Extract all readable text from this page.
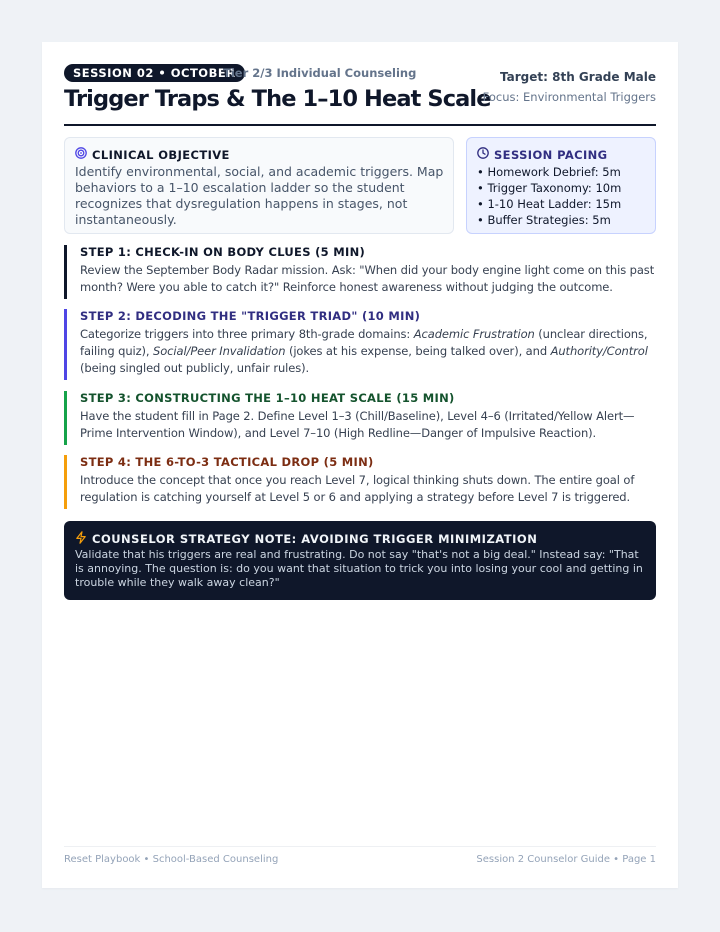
SESSION 02 • OCTOBER
Tier 2/3 Individual Counseling
Trigger Traps & The 1–10 Heat Scale
Target: 8th Grade Male
Focus: Environmental Triggers
CLINICAL OBJECTIVE
Identify environmental, social, and academic triggers. Map behaviors to a 1–10 escalation ladder so the student recognizes that dysregulation happens in stages, not instantaneously.
SESSION PACING
• Homework Debrief: 5m
• Trigger Taxonomy: 10m
• 1-10 Heat Ladder: 15m
• Buffer Strategies: 5m
STEP 1: CHECK-IN ON BODY CLUES (5 MIN)
Review the September Body Radar mission. Ask: "When did your body engine light come on this past month? Were you able to catch it?" Reinforce honest awareness without judging the outcome.
STEP 2: DECODING THE "TRIGGER TRIAD" (10 MIN)
Categorize triggers into three primary 8th-grade domains: Academic Frustration (unclear directions, failing quiz), Social/Peer Invalidation (jokes at his expense, being talked over), and Authority/Control (being singled out publicly, unfair rules).
STEP 3: CONSTRUCTING THE 1–10 HEAT SCALE (15 MIN)
Have the student fill in Page 2. Define Level 1–3 (Chill/Baseline), Level 4–6 (Irritated/Yellow Alert—Prime Intervention Window), and Level 7–10 (High Redline—Danger of Impulsive Reaction).
STEP 4: THE 6-TO-3 TACTICAL DROP (5 MIN)
Introduce the concept that once you reach Level 7, logical thinking shuts down. The entire goal of regulation is catching yourself at Level 5 or 6 and applying a strategy before Level 7 is triggered.
COUNSELOR STRATEGY NOTE: AVOIDING TRIGGER MINIMIZATION
Validate that his triggers are real and frustrating. Do not say "that's not a big deal." Instead say: "That is annoying. The question is: do you want that situation to trick you into losing your cool and getting in trouble while they walk away clean?"
Reset Playbook • School-Based Counseling	Session 2 Counselor Guide • Page 1
